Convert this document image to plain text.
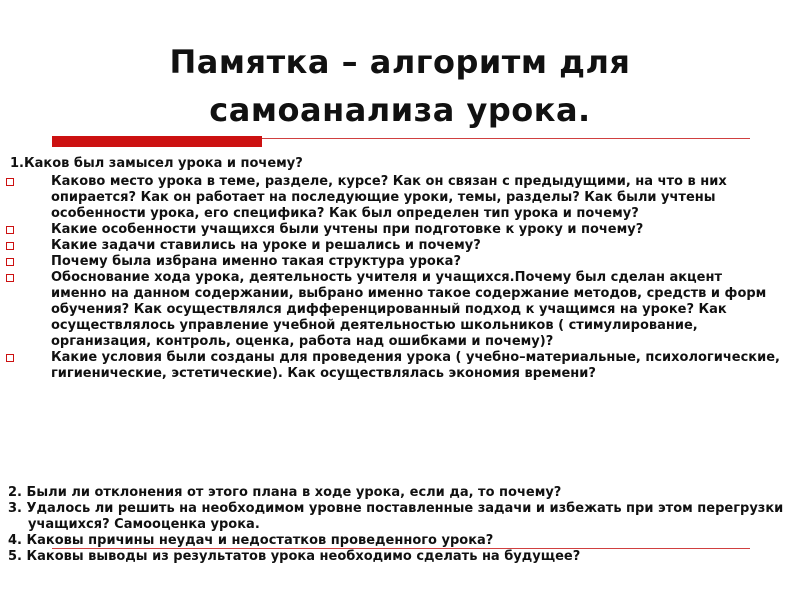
Памятка – алгоритм для
самоанализа урока.
1.Каков был замысел урока и почему?
Каково место урока в теме, разделе, курсе? Как он связан с предыдущими, на что в них опирается? Как он работает на последующие уроки, темы, разделы? Как были учтены особенности урока, его специфика? Как был определен тип урока и почему?
Какие особенности учащихся были учтены при подготовке к уроку и почему?
Какие задачи ставились на уроке и решались и почему?
Почему была избрана именно такая структура урока?
Обоснование хода урока, деятельность учителя и учащихся.Почему был сделан акцент именно на данном содержании, выбрано именно такое содержание методов, средств и форм обучения? Как осуществлялся дифференцированный подход к учащимся на уроке? Как осуществлялось управление учебной деятельностью школьников ( стимулирование, организация, контроль, оценка, работа над ошибками и почему)?
Какие условия были созданы для проведения урока ( учебно–материальные, психологические, гигиенические, эстетические). Как осуществлялась экономия времени?
2. Были ли отклонения от этого плана в ходе урока, если да, то почему?
3. Удалось ли решить на необходимом уровне поставленные задачи и избежать при этом перегрузки учащихся? Самооценка урока.
4. Каковы причины неудач и недостатков проведенного урока?
5. Каковы выводы из результатов урока необходимо сделать на будущее?
